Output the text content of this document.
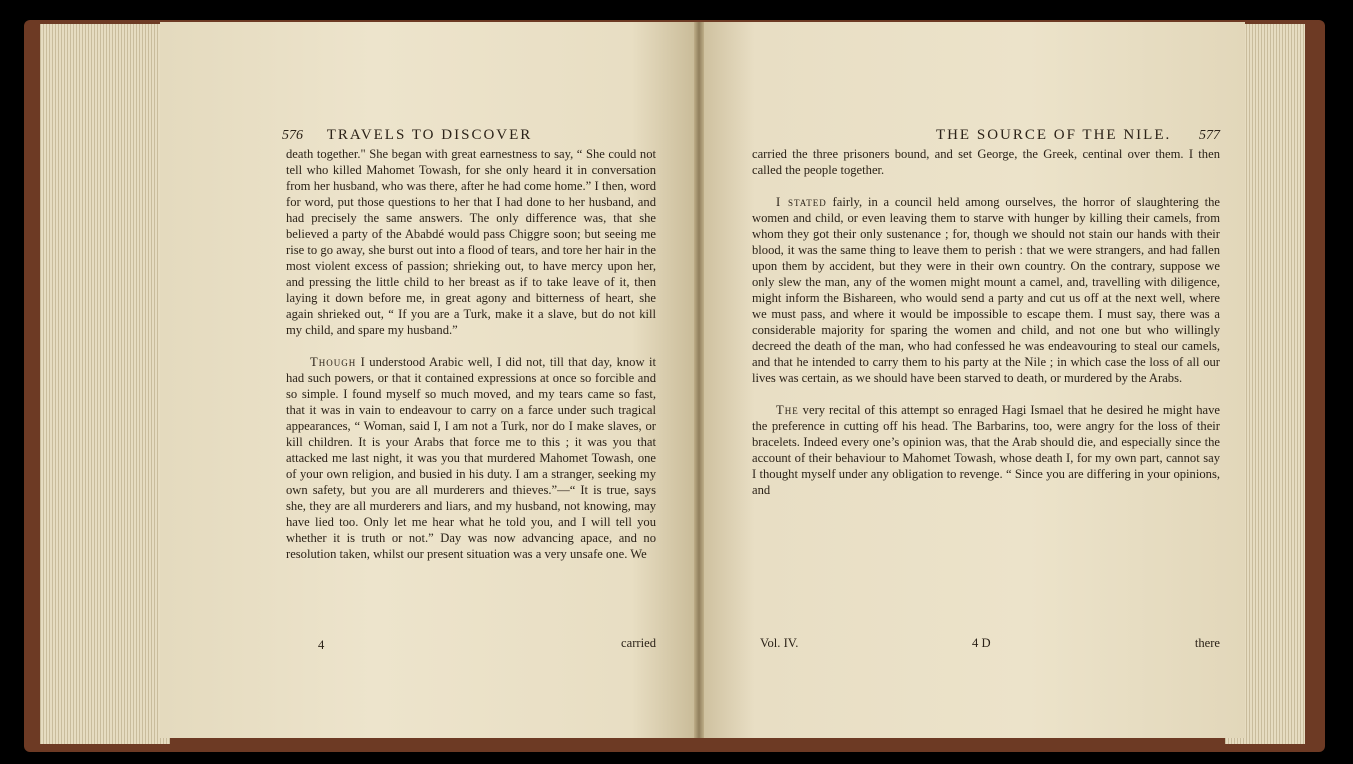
576 TRAVELS TO DISCOVER	THE SOURCE OF THE NILE. 577

death together." She began with great earnestness to say, “ She could not tell who killed Mahomet Towash, for she only heard it in conversation from her husband, who was there, after he had come home.” I then, word for word, put those questions to her that I had done to her husband, and had precisely the same answers. The only difference was, that she believed a party of the Ababdé would pass Chiggre soon; but seeing me rise to go away, she burst out into a flood of tears, and tore her hair in the most violent excess of passion; shrieking out, to have mercy upon her, and pressing the little child to her breast as if to take leave of it, then laying it down before me, in great agony and bitterness of heart, she again shrieked out, “ If you are a Turk, make it a slave, but do not kill my child, and spare my husband.”

Though I understood Arabic well, I did not, till that day, know it had such powers, or that it contained expressions at once so forcible and so simple. I found myself so much moved, and my tears came so fast, that it was in vain to endeavour to carry on a farce under such tragical appearances, “ Woman, said I, I am not a Turk, nor do I make slaves, or kill children. It is your Arabs that force me to this ; it was you that attacked me last night, it was you that murdered Mahomet Towash, one of your own religion, and busied in his duty. I am a stranger, seeking my own safety, but you are all murderers and thieves.”—“ It is true, says she, they are all murderers and liars, and my husband, not knowing, may have lied too. Only let me hear what he told you, and I will tell you whether it is truth or not.” Day was now advancing apace, and no resolution taken, whilst our present situation was a very unsafe one. We

4	carried

carried the three prisoners bound, and set George, the Greek, centinal over them. I then called the people together.

I stated fairly, in a council held among ourselves, the horror of slaughtering the women and child, or even leaving them to starve with hunger by killing their camels, from whom they got their only sustenance ; for, though we should not stain our hands with their blood, it was the same thing to leave them to perish : that we were strangers, and had fallen upon them by accident, but they were in their own country. On the contrary, suppose we only slew the man, any of the women might mount a camel, and, travelling with diligence, might inform the Bishareen, who would send a party and cut us off at the next well, where we must pass, and where it would be impossible to escape them. I must say, there was a considerable majority for sparing the women and child, and not one but who willingly decreed the death of the man, who had confessed he was endeavouring to steal our camels, and that he intended to carry them to his party at the Nile ; in which case the loss of all our lives was certain, as we should have been starved to death, or murdered by the Arabs.

The very recital of this attempt so enraged Hagi Ismael that he desired he might have the preference in cutting off his head. The Barbarins, too, were angry for the loss of their bracelets. Indeed every one’s opinion was, that the Arab should die, and especially since the account of their behaviour to Mahomet Towash, whose death I, for my own part, cannot say I thought myself under any obligation to revenge. “ Since you are differing in your opinions, and

Vol. IV.	4 D	there
